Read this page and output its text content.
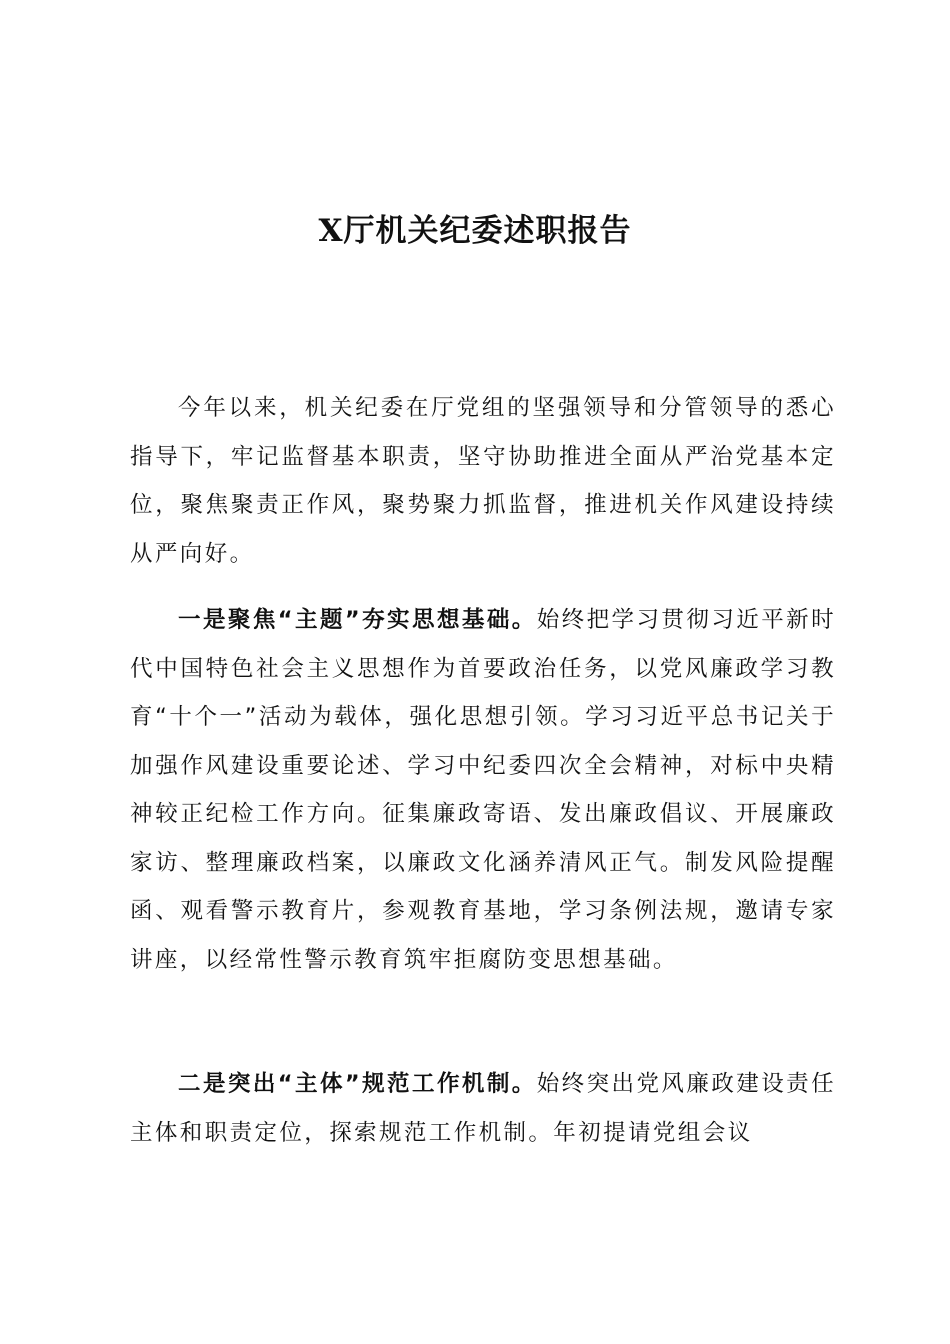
X厅机关纪委述职报告

今年以来，机关纪委在厅党组的坚强领导和分管领导的悉心指导下，牢记监督基本职责，坚守协助推进全面从严治党基本定位，聚焦聚责正作风，聚势聚力抓监督，推进机关作风建设持续从严向好。

一是聚焦“主题”夯实思想基础。始终把学习贯彻习近平新时代中国特色社会主义思想作为首要政治任务，以党风廉政学习教育“十个一”活动为载体，强化思想引领。学习习近平总书记关于加强作风建设重要论述、学习中纪委四次全会精神，对标中央精神较正纪检工作方向。征集廉政寄语、发出廉政倡议、开展廉政家访、整理廉政档案，以廉政文化涵养清风正气。制发风险提醒函、观看警示教育片，参观教育基地，学习条例法规，邀请专家讲座，以经常性警示教育筑牢拒腐防变思想基础。

二是突出“主体”规范工作机制。始终突出党风廉政建设责任主体和职责定位，探索规范工作机制。年初提请党组会议
